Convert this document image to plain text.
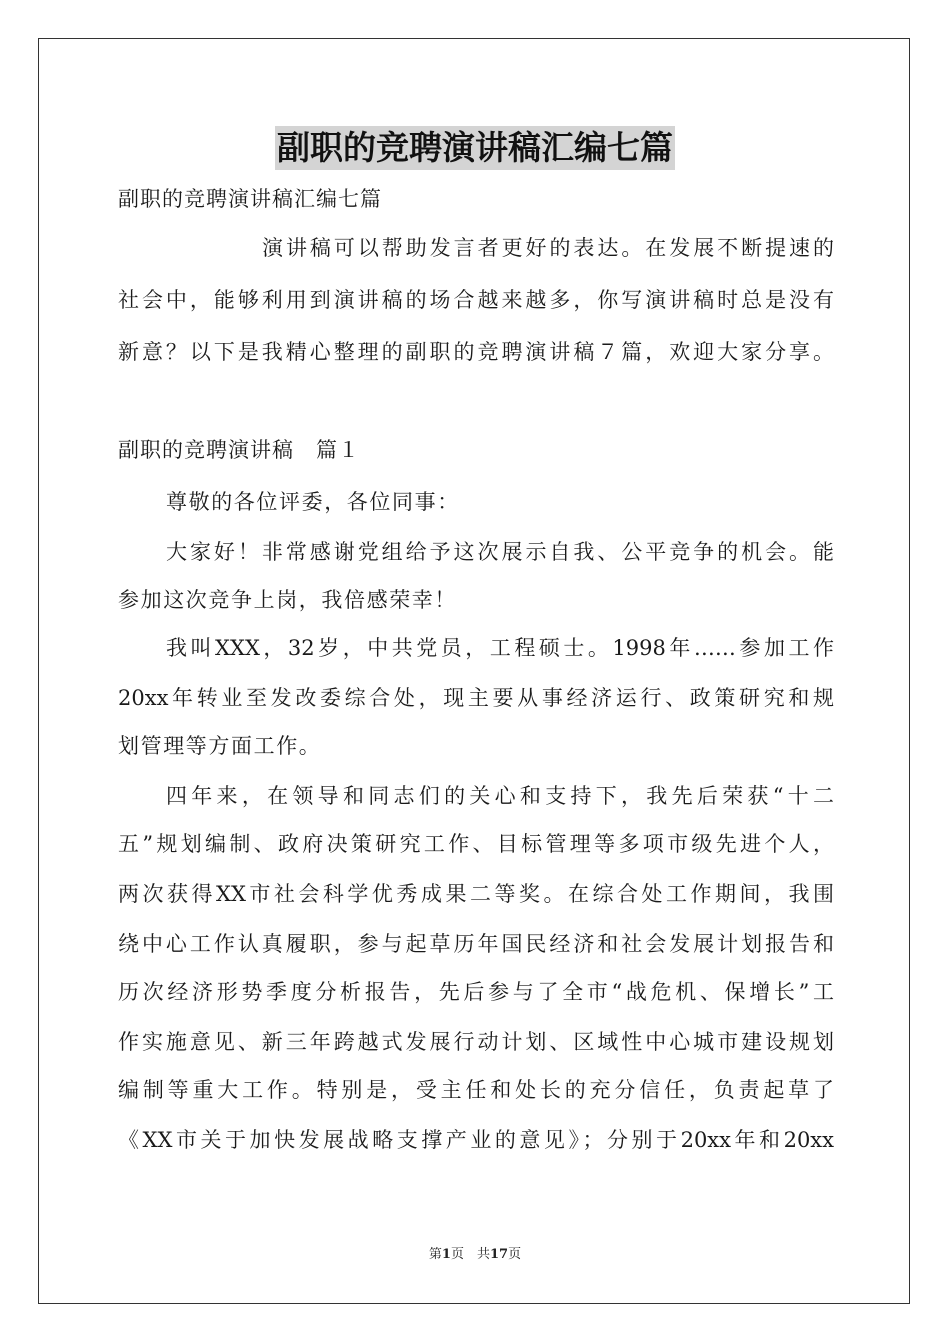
副职的竞聘演讲稿汇编七篇
副职的竞聘演讲稿汇编七篇
演讲稿可以帮助发言者更好的表达。在发展不断提速的
社会中，能够利用到演讲稿的场合越来越多，你写演讲稿时总是没有
新意？以下是我精心整理的副职的竞聘演讲稿７篇，欢迎大家分享。
副职的竞聘演讲稿　篇１
尊敬的各位评委，各位同事：
大家好！非常感谢党组给予这次展示自我、公平竞争的机会。能
参加这次竞争上岗，我倍感荣幸！
我叫XXX，32岁，中共党员，工程硕士。1998年……参加工作
20xx年转业至发改委综合处，现主要从事经济运行、政策研究和规
划管理等方面工作。
四年来，在领导和同志们的关心和支持下，我先后荣获“十二
五”规划编制、政府决策研究工作、目标管理等多项市级先进个人，
两次获得XX市社会科学优秀成果二等奖。在综合处工作期间，我围
绕中心工作认真履职，参与起草历年国民经济和社会发展计划报告和
历次经济形势季度分析报告，先后参与了全市“战危机、保增长”工
作实施意见、新三年跨越式发展行动计划、区域性中心城市建设规划
编制等重大工作。特别是，受主任和处长的充分信任，负责起草了
《XX市关于加快发展战略支撑产业的意见》；分别于20xx年和20xx
第1页　共17页
